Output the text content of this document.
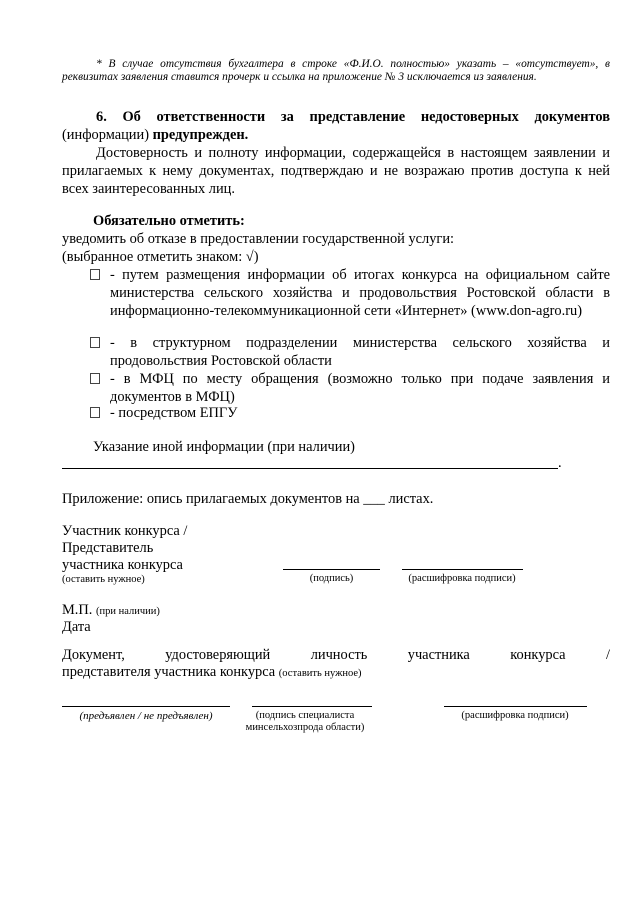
* В случае отсутствия бухгалтера в строке «Ф.И.О. полностью» указать – «отсутствует», в реквизитах заявления ставится прочерк и ссылка на приложение № 3 исключается из заявления.
6. Об ответственности за представление недостоверных документов (информации) предупрежден.
Достоверность и полноту информации, содержащейся в настоящем заявлении и прилагаемых к нему документах, подтверждаю и не возражаю против доступа к ней всех заинтересованных лиц.
Обязательно отметить:
уведомить об отказе в предоставлении государственной услуги:
(выбранное отметить знаком: √)
- путем размещения информации об итогах конкурса на официальном сайте министерства сельского хозяйства и продовольствия Ростовской области в информационно-телекоммуникационной сети «Интернет» (www.don-agro.ru)
- в структурном подразделении министерства сельского хозяйства и продовольствия Ростовской области
- в МФЦ по месту обращения (возможно только при подаче заявления и документов в МФЦ)
- посредством ЕПГУ
Указание иной информации (при наличии)
.
Приложение: опись прилагаемых документов на ___ листах.
Участник конкурса /
Представитель
участника конкурса
(оставить нужное)	(подпись)	(расшифровка подписи)
М.П. (при наличии)
Дата
Документ,	удостоверяющий	личность	участника	конкурса	/
представителя участника конкурса (оставить нужное)
(предъявлен / не предъявлен)	(подпись специалиста
минсельхозпрода области)
(расшифровка подписи)
